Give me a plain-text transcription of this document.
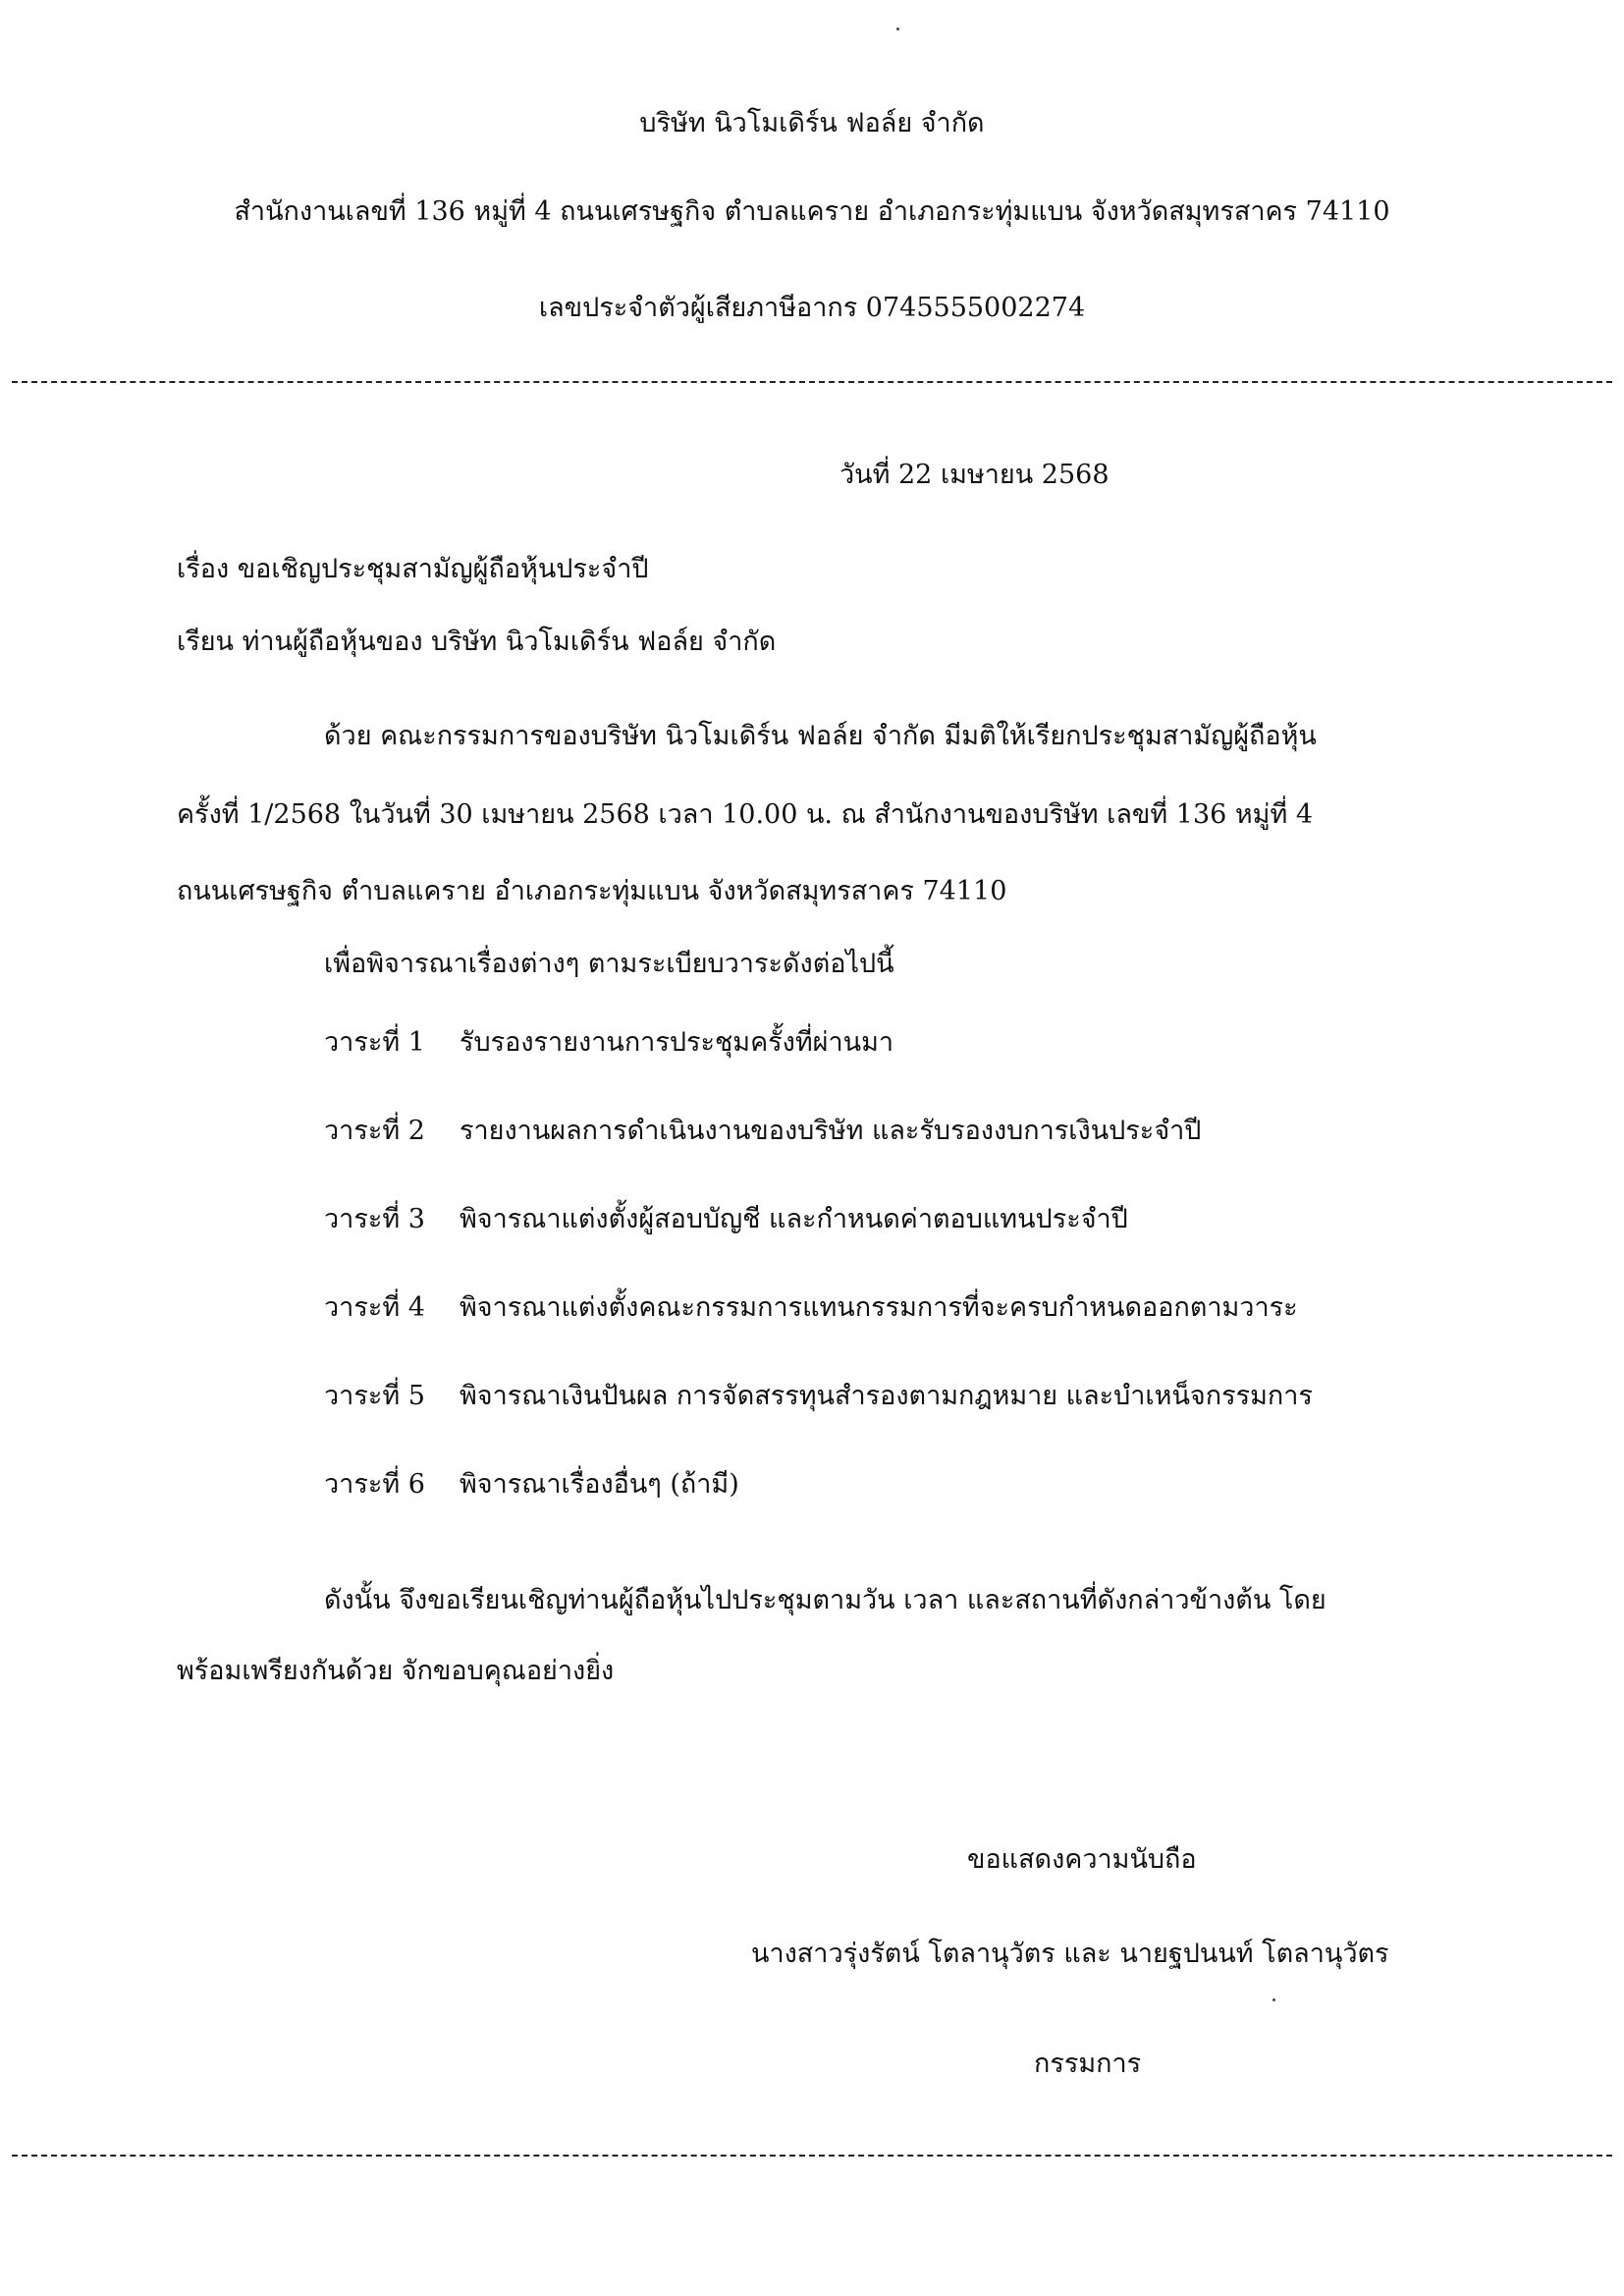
บริษัท นิวโมเดิร์น ฟอล์ย จำกัด
สำนักงานเลขที่ 136 หมู่ที่ 4 ถนนเศรษฐกิจ ตำบลแคราย อำเภอกระทุ่มแบน จังหวัดสมุทรสาคร 74110
เลขประจำตัวผู้เสียภาษีอากร 0745555002274
วันที่ 22 เมษายน 2568
เรื่อง ขอเชิญประชุมสามัญผู้ถือหุ้นประจำปี
เรียน ท่านผู้ถือหุ้นของ บริษัท นิวโมเดิร์น ฟอล์ย จำกัด
ด้วย คณะกรรมการของบริษัท นิวโมเดิร์น ฟอล์ย จำกัด มีมติให้เรียกประชุมสามัญผู้ถือหุ้น
ครั้งที่ 1/2568 ในวันที่ 30 เมษายน 2568 เวลา 10.00 น. ณ สำนักงานของบริษัท เลขที่ 136 หมู่ที่ 4
ถนนเศรษฐกิจ ตำบลแคราย อำเภอกระทุ่มแบน จังหวัดสมุทรสาคร 74110
เพื่อพิจารณาเรื่องต่างๆ ตามระเบียบวาระดังต่อไปนี้
วาระที่ 1 รับรองรายงานการประชุมครั้งที่ผ่านมา
วาระที่ 2 รายงานผลการดำเนินงานของบริษัท และรับรองงบการเงินประจำปี
วาระที่ 3 พิจารณาแต่งตั้งผู้สอบบัญชี และกำหนดค่าตอบแทนประจำปี
วาระที่ 4 พิจารณาแต่งตั้งคณะกรรมการแทนกรรมการที่จะครบกำหนดออกตามวาระ
วาระที่ 5 พิจารณาเงินปันผล การจัดสรรทุนสำรองตามกฎหมาย และบำเหน็จกรรมการ
วาระที่ 6 พิจารณาเรื่องอื่นๆ (ถ้ามี)
ดังนั้น จึงขอเรียนเชิญท่านผู้ถือหุ้นไปประชุมตามวัน เวลา และสถานที่ดังกล่าวข้างต้น โดย
พร้อมเพรียงกันด้วย จักขอบคุณอย่างยิ่ง
ขอแสดงความนับถือ
นางสาวรุ่งรัตน์ โตลานุวัตร และ นายฐปนนท์ โตลานุวัตร
กรรมการ
